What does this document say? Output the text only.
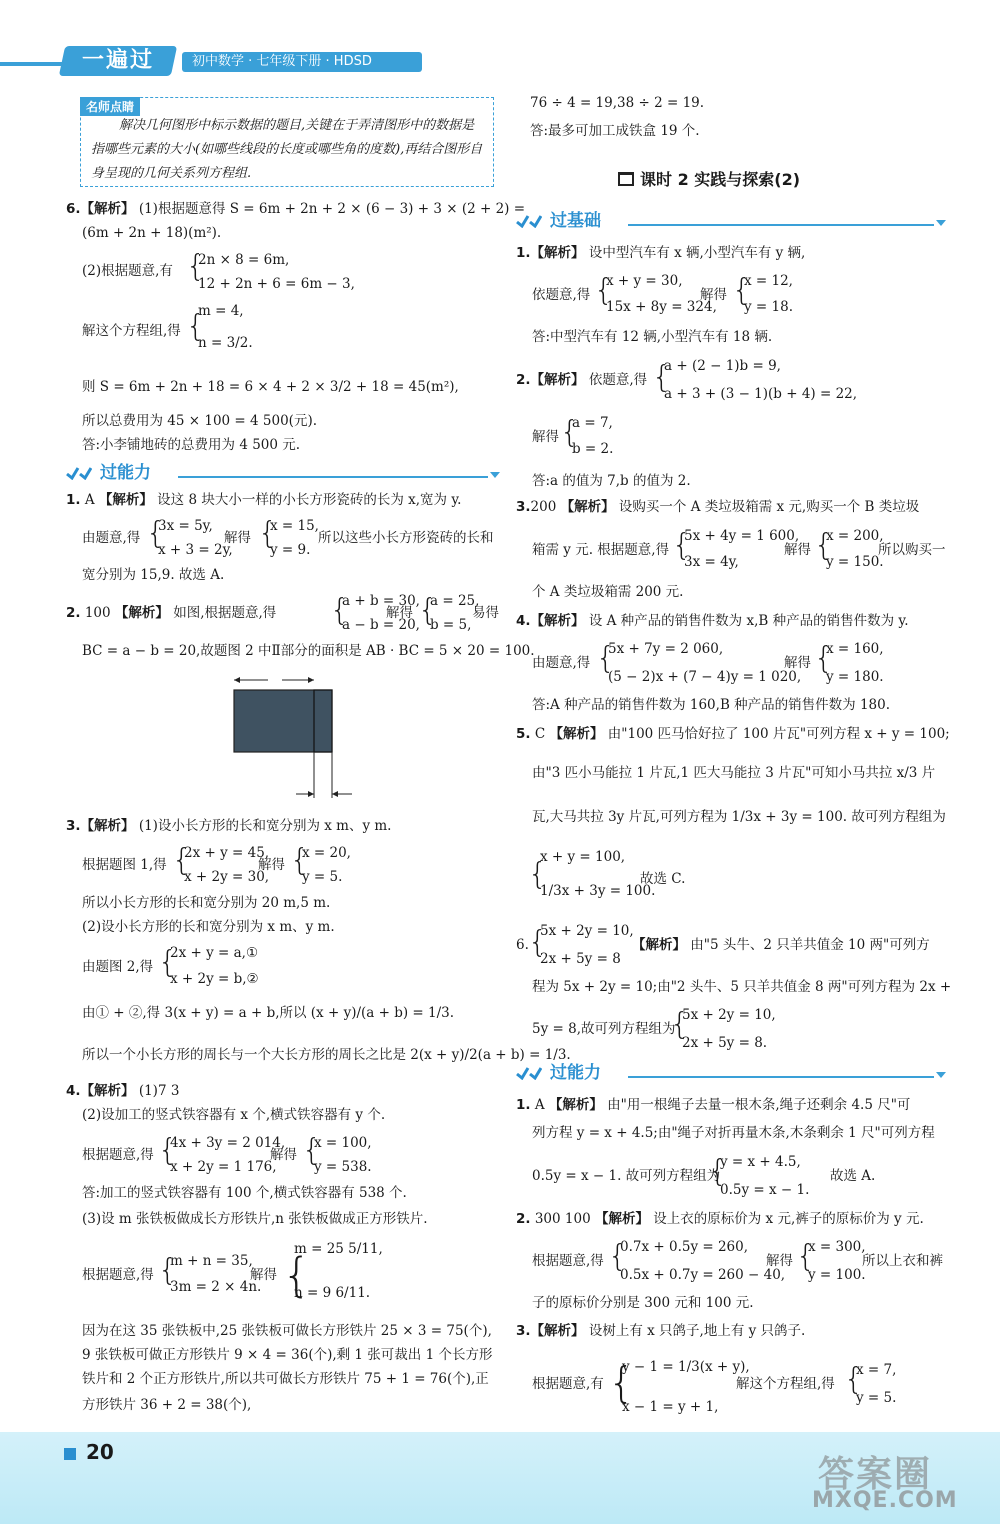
一遍过	初中数学 · 七年级下册 · HDSD
名师点睛
解决几何图形中标示数据的题目,关键在于弄清图形中的数据是指哪些元素的大小(如哪些线段的长度或哪些角的度数),再结合图形自身呈现的几何关系列方程组.
6.【解析】 (1)根据题意得 S = 6m + 2n + 2 × (6 − 3) + 3 × (2 + 2) =
(6m + 2n + 18)(m²).
(2)根据题意,有 {
2n × 8 = 6m,
12 + 2n + 6 = 6m − 3,
解这个方程组,得 {
m = 4,
n = 3/2.
则 S = 6m + 2n + 18 = 6 × 4 + 2 × 3/2 + 18 = 45(m²),
所以总费用为 45 × 100 = 4 500(元).
答:小李铺地砖的总费用为 4 500 元.
过能力
1. A 【解析】 设这 8 块大小一样的小长方形瓷砖的长为 x,宽为 y.
由题意,得 {
3x = 5y,
x + 3 = 2y,
解得 {
x = 15,
y = 9.
所以这些小长方形瓷砖的长和
宽分别为 15,9. 故选 A.
2. 100 【解析】 如图,根据题意,得 {
a + b = 30,
a − b = 20,
解得 {
a = 25,
b = 5,
易得
BC = a − b = 20,故题图 2 中Ⅱ部分的面积是 AB · BC = 5 × 20 = 100.
3.【解析】 (1)设小长方形的长和宽分别为 x m、y m.
根据题图 1,得 {
2x + y = 45,
x + 2y = 30,
解得 {
x = 20,
y = 5.
所以小长方形的长和宽分别为 20 m,5 m.
(2)设小长方形的长和宽分别为 x m、y m.
由题图 2,得 {
2x + y = a,①
x + 2y = b,②
由① + ②,得 3(x + y) = a + b,所以 (x + y)/(a + b) = 1/3.
所以一个小长方形的周长与一个大长方形的周长之比是 2(x + y)/2(a + b) = 1/3.
4.【解析】 (1)7 3
(2)设加工的竖式铁容器有 x 个,横式铁容器有 y 个.
根据题意,得 {
4x + 3y = 2 014,
x + 2y = 1 176,
解得 {
x = 100,
y = 538.
答:加工的竖式铁容器有 100 个,横式铁容器有 538 个.
(3)设 m 张铁板做成长方形铁片,n 张铁板做成正方形铁片.
根据题意,得 {
m + n = 35,
3m = 2 × 4n.
解得 {
m = 25 5/11,
n = 9 6/11.
因为在这 35 张铁板中,25 张铁板可做长方形铁片 25 × 3 = 75(个),
9 张铁板可做正方形铁片 9 × 4 = 36(个),剩 1 张可裁出 1 个长方形
铁片和 2 个正方形铁片,所以共可做长方形铁片 75 + 1 = 76(个),正
方形铁片 36 + 2 = 38(个),
76 ÷ 4 = 19,38 ÷ 2 = 19.
答:最多可加工成铁盒 19 个.
课时 2 实践与探索(2)
过基础
1.【解析】 设中型汽车有 x 辆,小型汽车有 y 辆,
依题意,得 {
x + y = 30,
15x + 8y = 324,
解得 {
x = 12,
y = 18.
答:中型汽车有 12 辆,小型汽车有 18 辆.
2.【解析】 依题意,得 {
a + (2 − 1)b = 9,
a + 3 + (3 − 1)(b + 4) = 22,
解得 {
a = 7,
b = 2.
答:a 的值为 7,b 的值为 2.
3.200 【解析】 设购买一个 A 类垃圾箱需 x 元,购买一个 B 类垃圾
箱需 y 元. 根据题意,得 {
5x + 4y = 1 600,
3x = 4y,
解得 {
x = 200,
y = 150.
所以购买一
个 A 类垃圾箱需 200 元.
4.【解析】 设 A 种产品的销售件数为 x,B 种产品的销售件数为 y.
由题意,得 {
5x + 7y = 2 060,
(5 − 2)x + (7 − 4)y = 1 020,
解得 {
x = 160,
y = 180.
答:A 种产品的销售件数为 160,B 种产品的销售件数为 180.
5. C 【解析】 由"100 匹马恰好拉了 100 片瓦"可列方程 x + y = 100;
由"3 匹小马能拉 1 片瓦,1 匹大马能拉 3 片瓦"可知小马共拉 x/3 片
瓦,大马共拉 3y 片瓦,可列方程为 1/3x + 3y = 100. 故可列方程组为
{
x + y = 100,
1/3x + 3y = 100.
故选 C.
6. {
5x + 2y = 10,
2x + 5y = 8
【解析】 由"5 头牛、2 只羊共值金 10 两"可列方
程为 5x + 2y = 10;由"2 头牛、5 只羊共值金 8 两"可列方程为 2x +
5y = 8,故可列方程组为
{
5x + 2y = 10,
2x + 5y = 8.
过能力
1. A 【解析】 由"用一根绳子去量一根木条,绳子还剩余 4.5 尺"可
列方程 y = x + 4.5;由"绳子对折再量木条,木条剩余 1 尺"可列方程
0.5y = x − 1. 故可列方程组为
{
y = x + 4.5,
0.5y = x − 1.
故选 A.
2. 300 100 【解析】 设上衣的原标价为 x 元,裤子的原标价为 y 元.
根据题意,得 {
0.7x + 0.5y = 260,
0.5x + 0.7y = 260 − 40,
解得 {
x = 300,
y = 100.
所以上衣和裤
子的原标价分别是 300 元和 100 元.
3.【解析】 设树上有 x 只鸽子,地上有 y 只鸽子.
根据题意,有 {
y − 1 = 1/3(x + y),
x − 1 = y + 1,
解这个方程组,得 {
x = 7,
y = 5.
20
答案圈
MXQE.COM
